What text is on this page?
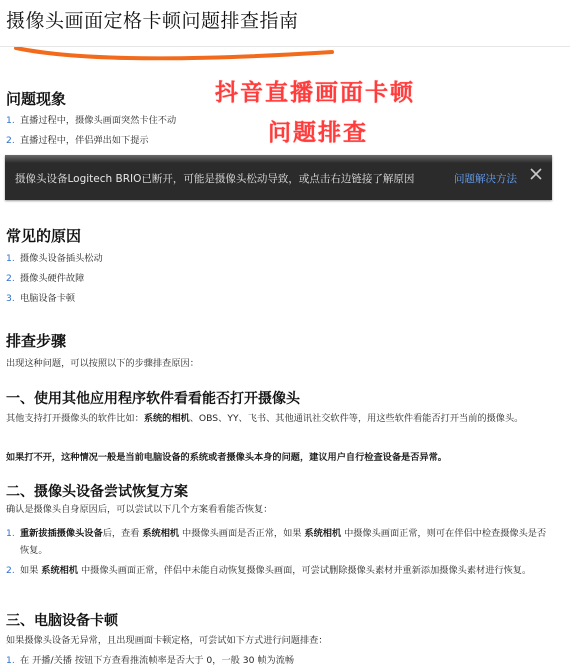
摄像头画面定格卡顿问题排查指南
抖音直播画面卡顿
问题排查
问题现象
1. 直播过程中，摄像头画面突然卡住不动
2. 直播过程中，伴侣弹出如下提示
摄像头设备Logitech BRIO已断开，可能是摄像头松动导致，或点击右边链接了解原因	问题解决方法
常见的原因
1. 摄像头设备插头松动
2. 摄像头硬件故障
3. 电脑设备卡顿
排查步骤
出现这种问题，可以按照以下的步骤排查原因：
一、使用其他应用程序软件看看能否打开摄像头
其他支持打开摄像头的软件比如：系统的相机、OBS、YY、飞书、其他通讯社交软件等，用这些软件看能否打开当前的摄像头。
如果打不开，这种情况一般是当前电脑设备的系统或者摄像头本身的问题，建议用户自行检查设备是否异常。
二、摄像头设备尝试恢复方案
确认是摄像头自身原因后，可以尝试以下几个方案看看能否恢复：
1. 重新拔插摄像头设备后，查看 系统相机 中摄像头画面是否正常，如果 系统相机 中摄像头画面正常，则可在伴侣中检查摄像头是否恢复。
2. 如果 系统相机 中摄像头画面正常，伴侣中未能自动恢复摄像头画面，可尝试删除摄像头素材并重新添加摄像头素材进行恢复。
三、电脑设备卡顿
如果摄像头设备无异常，且出现画面卡顿定格，可尝试如下方式进行问题排查：
1. 在 开播/关播 按钮下方查看推流帧率是否大于 0，一般 30 帧为流畅
